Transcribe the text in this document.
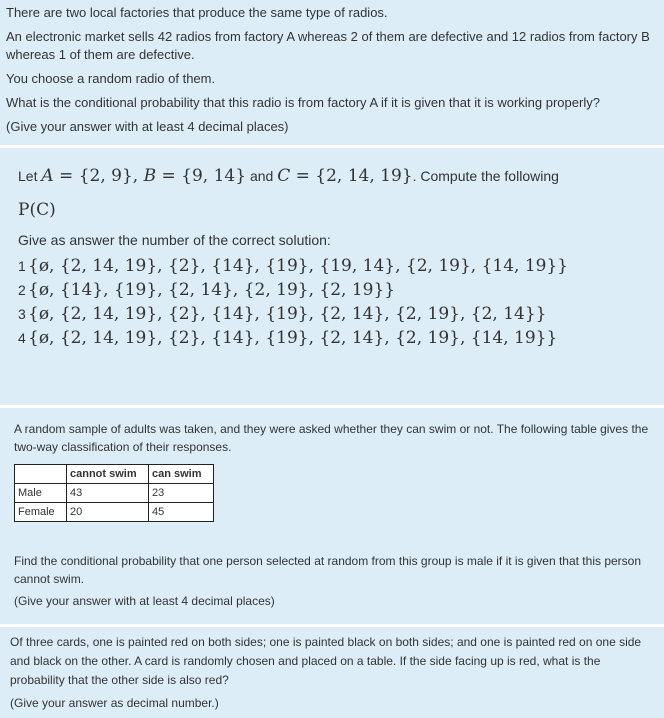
There are two local factories that produce the same type of radios.

An electronic market sells 42 radios from factory A whereas 2 of them are defective and 12 radios from factory B whereas 1 of them are defective.

You choose a random radio of them.

What is the conditional probability that this radio is from factory A if it is given that it is working properly?

(Give your answer with at least 4 decimal places)

Let A = {2, 9}, B = {9, 14} and C = {2, 14, 19}. Compute the following
P(C)
Give as answer the number of the correct solution:
1 {ø, {2, 14, 19}, {2}, {14}, {19}, {19, 14}, {2, 19}, {14, 19}}
2 {ø, {14}, {19}, {2, 14}, {2, 19}, {2, 19}}
3 {ø, {2, 14, 19}, {2}, {14}, {19}, {2, 14}, {2, 19}, {2, 14}}
4 {ø, {2, 14, 19}, {2}, {14}, {19}, {2, 14}, {2, 19}, {14, 19}}

A random sample of adults was taken, and they were asked whether they can swim or not. The following table gives the two-way classification of their responses.

	cannot swim	can swim
Male	43	23
Female	20	45

Find the conditional probability that one person selected at random from this group is male if it is given that this person cannot swim.

(Give your answer with at least 4 decimal places)

Of three cards, one is painted red on both sides; one is painted black on both sides; and one is painted red on one side and black on the other. A card is randomly chosen and placed on a table. If the side facing up is red, what is the probability that the other side is also red?

(Give your answer as decimal number.)
